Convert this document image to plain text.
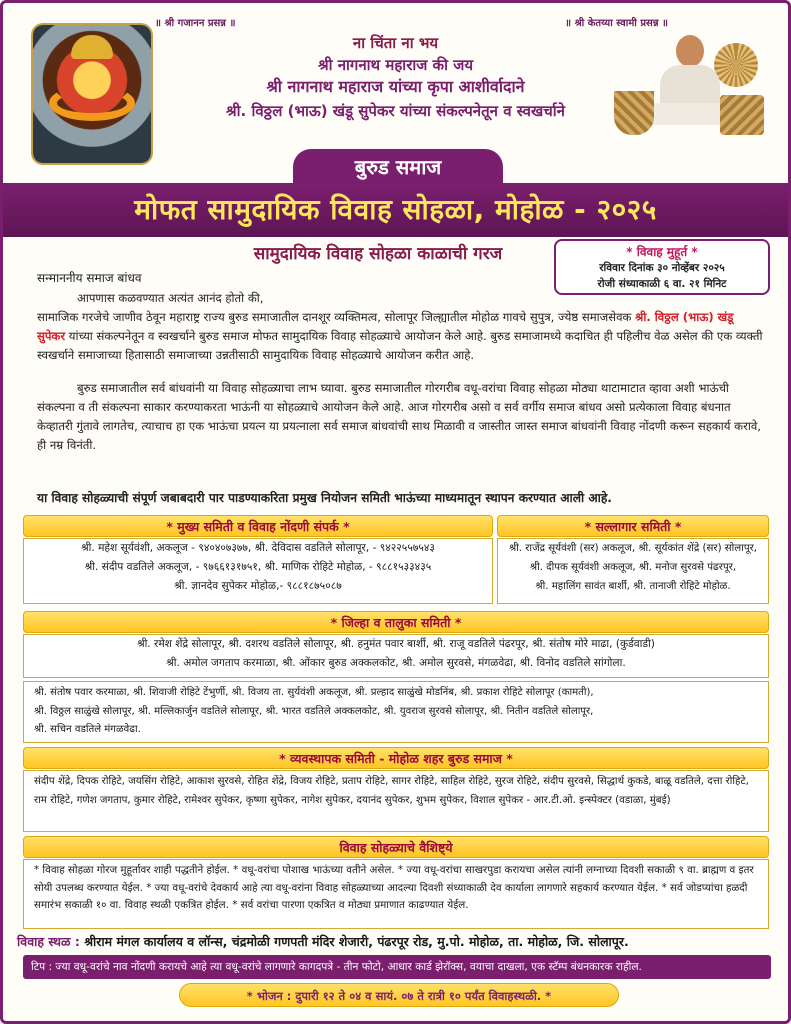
॥ श्री गजानन प्रसन्न ॥	॥ श्री केतय्या स्वामी प्रसन्न ॥
ना चिंता ना भय
श्री नागनाथ महाराज की जय
श्री नागनाथ महाराज यांच्या कृपा आशीर्वादाने
श्री. विठ्ठल (भाऊ) खंडू सुपेकर यांच्या संकल्पनेतून व स्वखर्चाने
बुरुड समाज
मोफत सामुदायिक विवाह सोहळा, मोहोळ - २०२५
सामुदायिक विवाह सोहळा काळाची गरज	* विवाह मुहूर्त *
रविवार दिनांक ३० नोव्हेंबर २०२५
रोजी संध्याकाळी ६ वा. २१ मिनिट
सन्माननीय समाज बांधव
आपणास कळवण्यात अत्यंत आनंद होतो की,
सामाजिक गरजेचे जाणीव ठेवून महाराष्ट्र राज्य बुरुड समाजातील दानशूर व्यक्तिमत्व, सोलापूर जिल्ह्यातील मोहोळ गावचे सुपुत्र, ज्येष्ठ समाजसेवक श्री. विठ्ठल (भाऊ) खंडू सुपेकर यांच्या संकल्पनेतून व स्वखर्चाने बुरुड समाज मोफत सामुदायिक विवाह सोहळ्याचे आयोजन केले आहे. बुरुड समाजामध्ये कदाचित ही पहिलीच वेळ असेल की एक व्यक्ती स्वखर्चाने समाजाच्या हितासाठी समाजाच्या उन्नतीसाठी सामुदायिक विवाह सोहळ्याचे आयोजन करीत आहे.
बुरुड समाजातील सर्व बांधवांनी या विवाह सोहळ्याचा लाभ घ्यावा. बुरुड समाजातील गोरगरीब वधू-वरांचा विवाह सोहळा मोठ्या थाटामाटात व्हावा अशी भाऊंची संकल्पना व ती संकल्पना साकार करण्याकरता भाऊंनी या सोहळ्याचे आयोजन केले आहे. आज गोरगरीब असो व सर्व वर्गीय समाज बांधव असो प्रत्येकाला विवाह बंधनात केव्हातरी गुंतावे लागतेच, त्याचाच हा एक भाऊंचा प्रयत्न या प्रयत्नाला सर्व समाज बांधवांची साथ मिळावी व जास्तीत जास्त समाज बांधवांनी विवाह नोंदणी करून सहकार्य करावे, ही नम्र विनंती.
या विवाह सोहळ्याची संपूर्ण जबाबदारी पार पाडण्याकरिता प्रमुख नियोजन समिती भाऊंच्या माध्यमातून स्थापन करण्यात आली आहे.
* मुख्य समिती व विवाह नोंदणी संपर्क *
श्री. महेश सूर्यवंशी, अकलूज - ९४०४०७३७७, श्री. देविदास वडतिले सोलापूर, - ९४२२५५७५४३
श्री. संदीप वडतिले अकलूज, - ९७६६१३१७५१, श्री. माणिक रोहिटे मोहोळ, - ९८८१५३३४३५
श्री. ज्ञानदेव सुपेकर मोहोळ,- ९८८१८७५०८७
* सल्लागार समिती *
श्री. राजेंद्र सूर्यवंशी (सर) अकलूज, श्री. सूर्यकांत शेंद्रे (सर) सोलापूर,
श्री. दीपक सूर्यवंशी अकलूज, श्री. मनोज सुरवसे पंढरपूर,
श्री. महालिंग सावंत बार्शी, श्री. तानाजी रोहिटे मोहोळ.
* जिल्हा व तालुका समिती *
श्री. रमेश शेंद्रे सोलापूर, श्री. दशरथ वडतिले सोलापूर, श्री. हनुमंत पवार बार्शी, श्री. राजू वडतिले पंढरपूर, श्री. संतोष मोरे माढा, (कुर्डवाडी)
श्री. अमोल जगताप करमाळा, श्री. ओंकार बुरुड अक्कलकोट, श्री. अमोल सुरवसे, मंगळवेढा, श्री. विनोद वडतिले सांगोला.
श्री. संतोष पवार करमाळा, श्री. शिवाजी रोहिटे टेंभुर्णी, श्री. विजय ता. सुर्यवंशी अकलूज, श्री. प्रल्हाद साळुंखे मोडनिंब, श्री. प्रकाश रोहिटे सोलापूर (कामती),
श्री. विठ्ठल साळुंखे सोलापूर, श्री. मल्लिकार्जुन वडतिले सोलापूर, श्री. भारत वडतिले अक्कलकोट, श्री. युवराज सुरवसे सोलापूर, श्री. नितीन वडतिले सोलापूर,
श्री. सचिन वडतिले मंगळवेढा.
* व्यवस्थापक समिती - मोहोळ शहर बुरुड समाज *
संदीप शेंद्रे, दिपक रोहिटे, जयसिंग रोहिटे, आकाश सुरवसे, रोहित शेंद्रे, विजय रोहिटे, प्रताप रोहिटे, सागर रोहिटे, साहिल रोहिटे, सुरज रोहिटे, संदीप सुरवसे, सिद्धार्थ कुकडे, बाळू वडतिले, दत्ता रोहिटे, राम रोहिटे, गणेश जगताप, कुमार रोहिटे, रामेश्वर सुपेकर, कृष्णा सुपेकर, नागेश सुपेकर, दयानंद सुपेकर, शुभम सुपेकर, विशाल सुपेकर - आर.टी.ओ. इन्स्पेक्टर (वडाळा, मुंबई)
विवाह सोहळ्याचे वैशिष्ट्ये
* विवाह सोहळा गोरज मुहूर्तावर शाही पद्धतीने होईल. * वधू-वरांचा पोशाख भाऊंच्या वतीने असेल. * ज्या वधू-वरांचा साखरपुडा करायचा असेल त्यांनी लग्नाच्या दिवशी सकाळी ९ वा. ब्राह्मण व इतर सोयी उपलब्ध करण्यात येईल. * ज्या वधू-वरांचे देवकार्य आहे त्या वधू-वरांना विवाह सोहळ्याच्या आदल्या दिवशी संध्याकाळी देव कार्याला लागणारे सहकार्य करण्यात येईल. * सर्व जोडप्यांचा हळदी समारंभ सकाळी १० वा. विवाह स्थळी एकत्रित होईल. * सर्व वरांचा पारणा एकत्रित व मोठ्या प्रमाणात काढण्यात येईल.
विवाह स्थळ : श्रीराम मंगल कार्यालय व लॉन्स, चंद्रमोळी गणपती मंदिर शेजारी, पंढरपूर रोड, मु.पो. मोहोळ, ता. मोहोळ, जि. सोलापूर.
टिप : ज्या वधू-वरांचे नाव नोंदणी करायचे आहे त्या वधू-वरांचे लागणारे कागदपत्रे - तीन फोटो, आधार कार्ड झेरॉक्स, वयाचा दाखला, एक स्टॅम्प बंधनकारक राहील.
* भोजन : दुपारी १२ ते ०४ व सायं. ०७ ते रात्री १० पर्यंत विवाहस्थळी. *
